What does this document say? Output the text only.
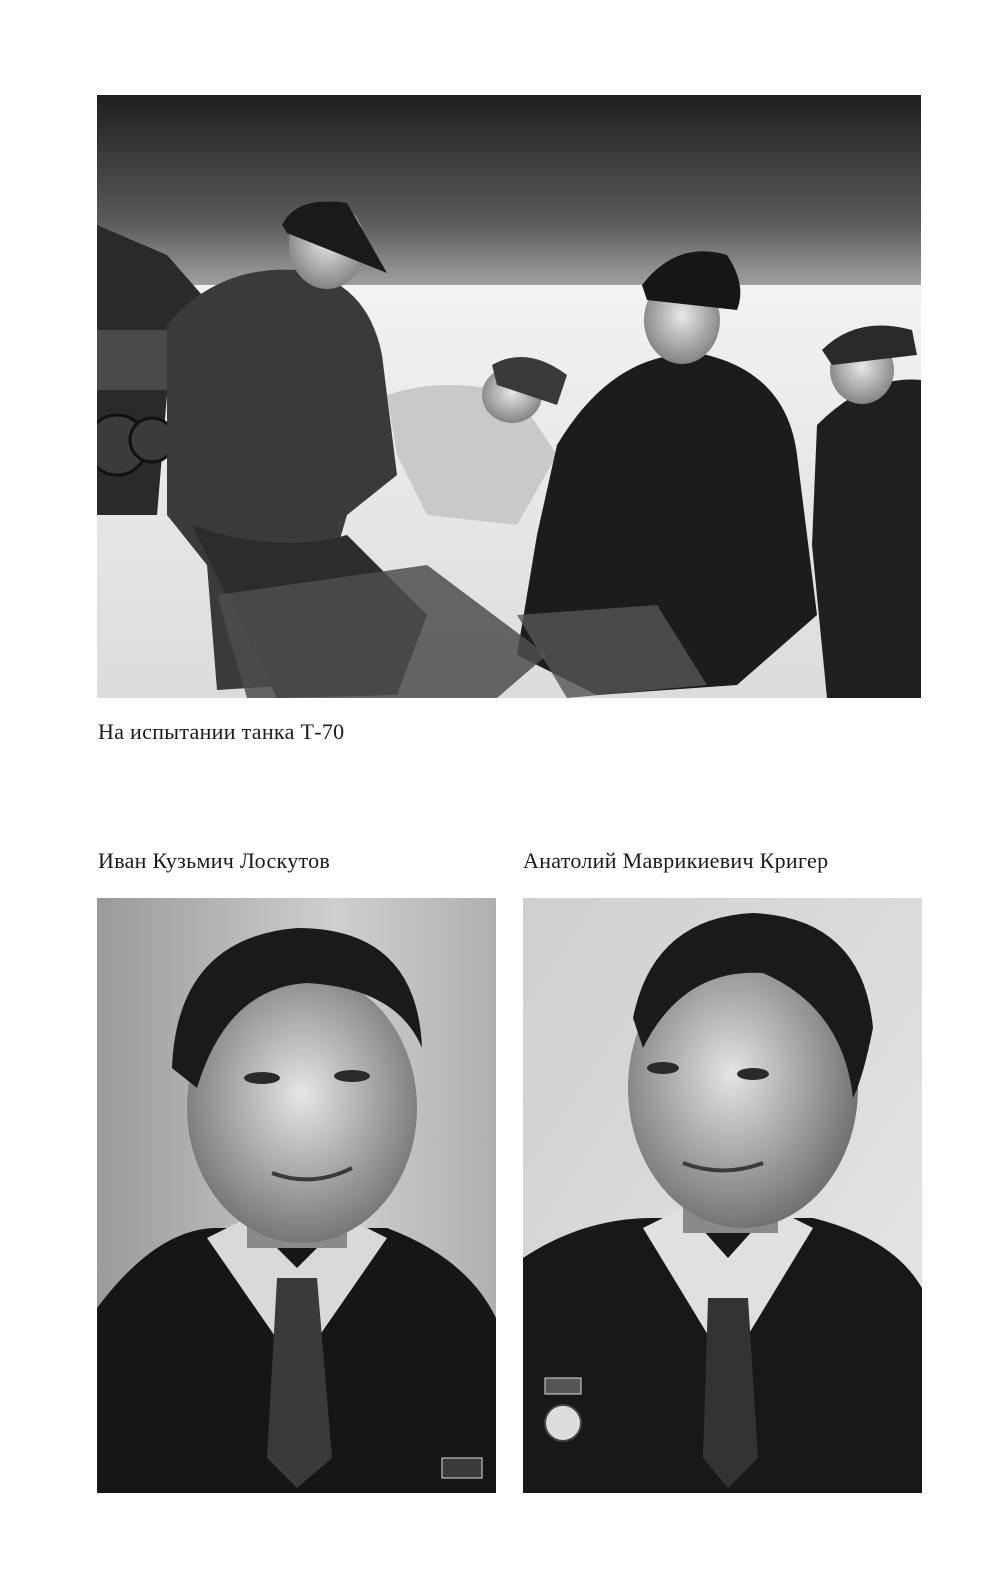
На испытании танка Т-70
Иван Кузьмич Лоскутов	Анатолий Маврикиевич Кригер
